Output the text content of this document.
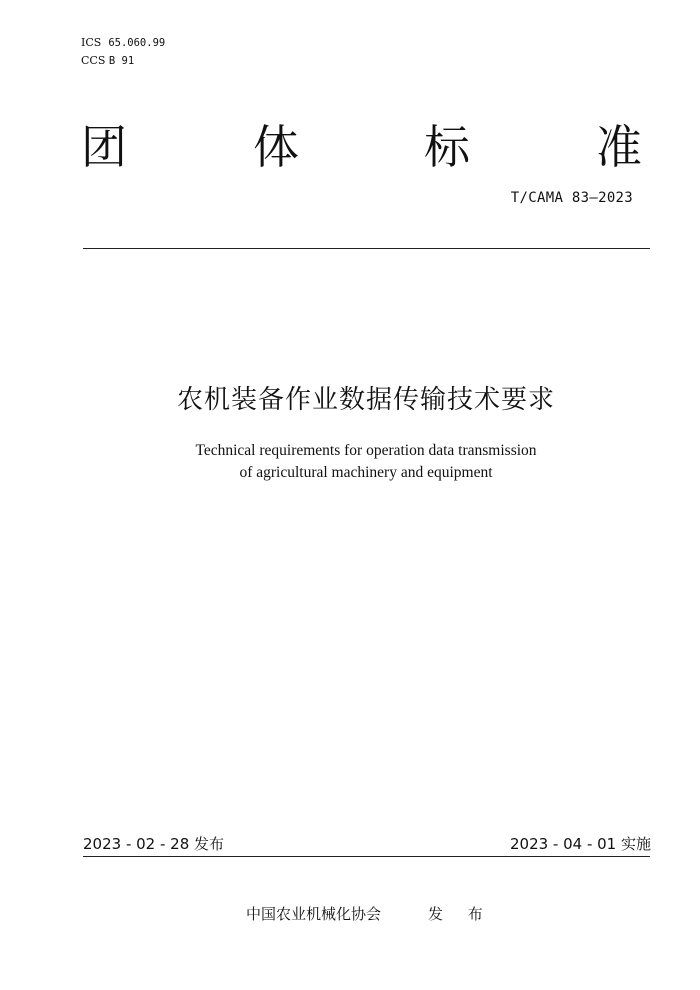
ICS 65.060.99
CCS B 91
团	体	标	准
T/CAMA 83—2023
农机装备作业数据传输技术要求
Technical requirements for operation data transmission
of agricultural machinery and equipment
2023 - 02 - 28 发布	2023 - 04 - 01 实施
中国农业机械化协会	发 布
